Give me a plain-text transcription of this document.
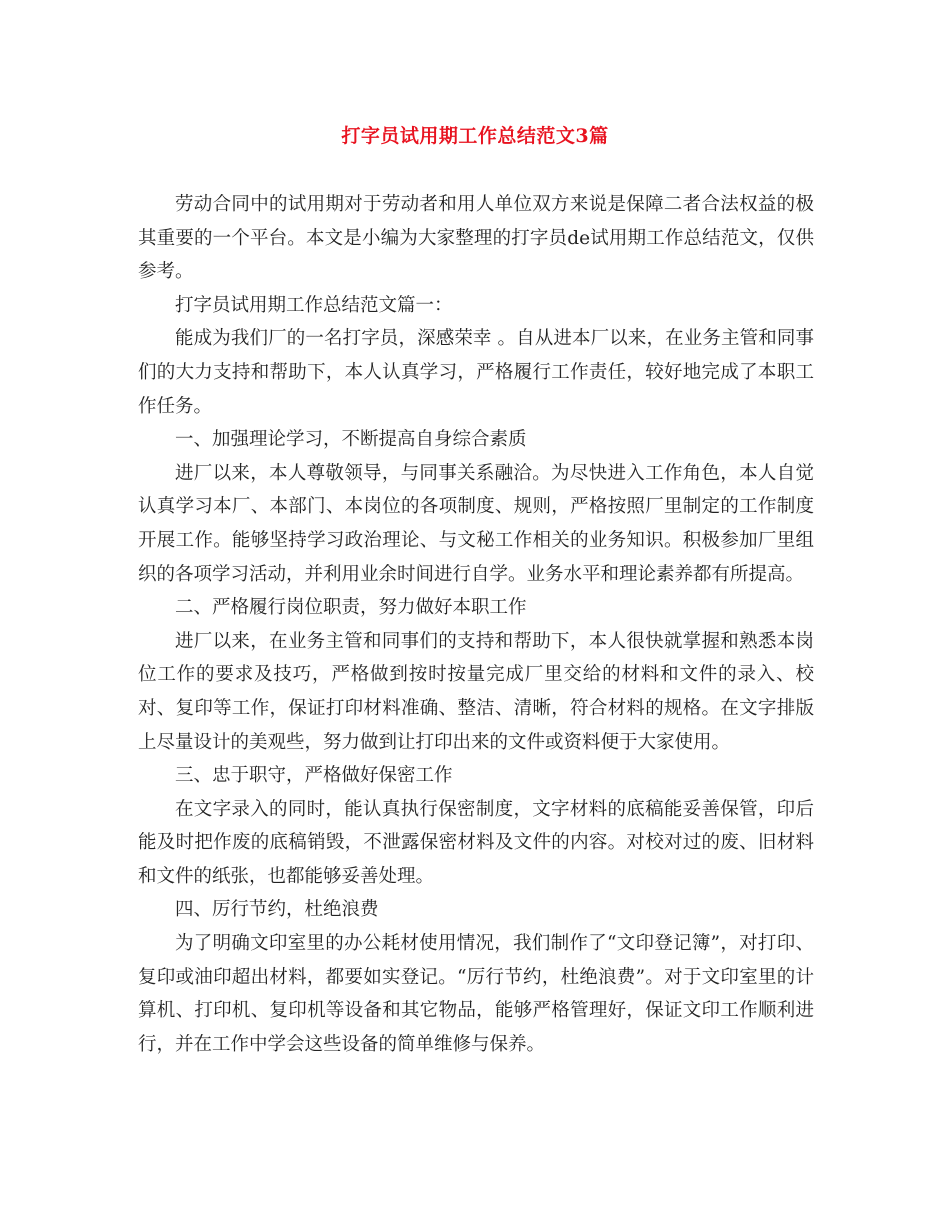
打字员试用期工作总结范文3篇

劳动合同中的试用期对于劳动者和用人单位双方来说是保障二者合法权益的极其重要的一个平台。本文是小编为大家整理的打字员de试用期工作总结范文，仅供参考。

打字员试用期工作总结范文篇一：

能成为我们厂的一名打字员，深感荣幸 。自从进本厂以来，在业务主管和同事们的大力支持和帮助下，本人认真学习，严格履行工作责任，较好地完成了本职工作任务。

一、加强理论学习，不断提高自身综合素质

进厂以来，本人尊敬领导，与同事关系融洽。为尽快进入工作角色，本人自觉认真学习本厂、本部门、本岗位的各项制度、规则，严格按照厂里制定的工作制度开展工作。能够坚持学习政治理论、与文秘工作相关的业务知识。积极参加厂里组织的各项学习活动，并利用业余时间进行自学。业务水平和理论素养都有所提高。

二、严格履行岗位职责，努力做好本职工作

进厂以来，在业务主管和同事们的支持和帮助下，本人很快就掌握和熟悉本岗位工作的要求及技巧，严格做到按时按量完成厂里交给的材料和文件的录入、校对、复印等工作，保证打印材料准确、整洁、清晰，符合材料的规格。在文字排版上尽量设计的美观些，努力做到让打印出来的文件或资料便于大家使用。

三、忠于职守，严格做好保密工作

在文字录入的同时，能认真执行保密制度，文字材料的底稿能妥善保管，印后能及时把作废的底稿销毁，不泄露保密材料及文件的内容。对校对过的废、旧材料和文件的纸张，也都能够妥善处理。

四、厉行节约，杜绝浪费

为了明确文印室里的办公耗材使用情况，我们制作了“文印登记簿”，对打印、复印或油印超出材料，都要如实登记。“厉行节约，杜绝浪费”。对于文印室里的计算机、打印机、复印机等设备和其它物品，能够严格管理好，保证文印工作顺利进行，并在工作中学会这些设备的简单维修与保养。
